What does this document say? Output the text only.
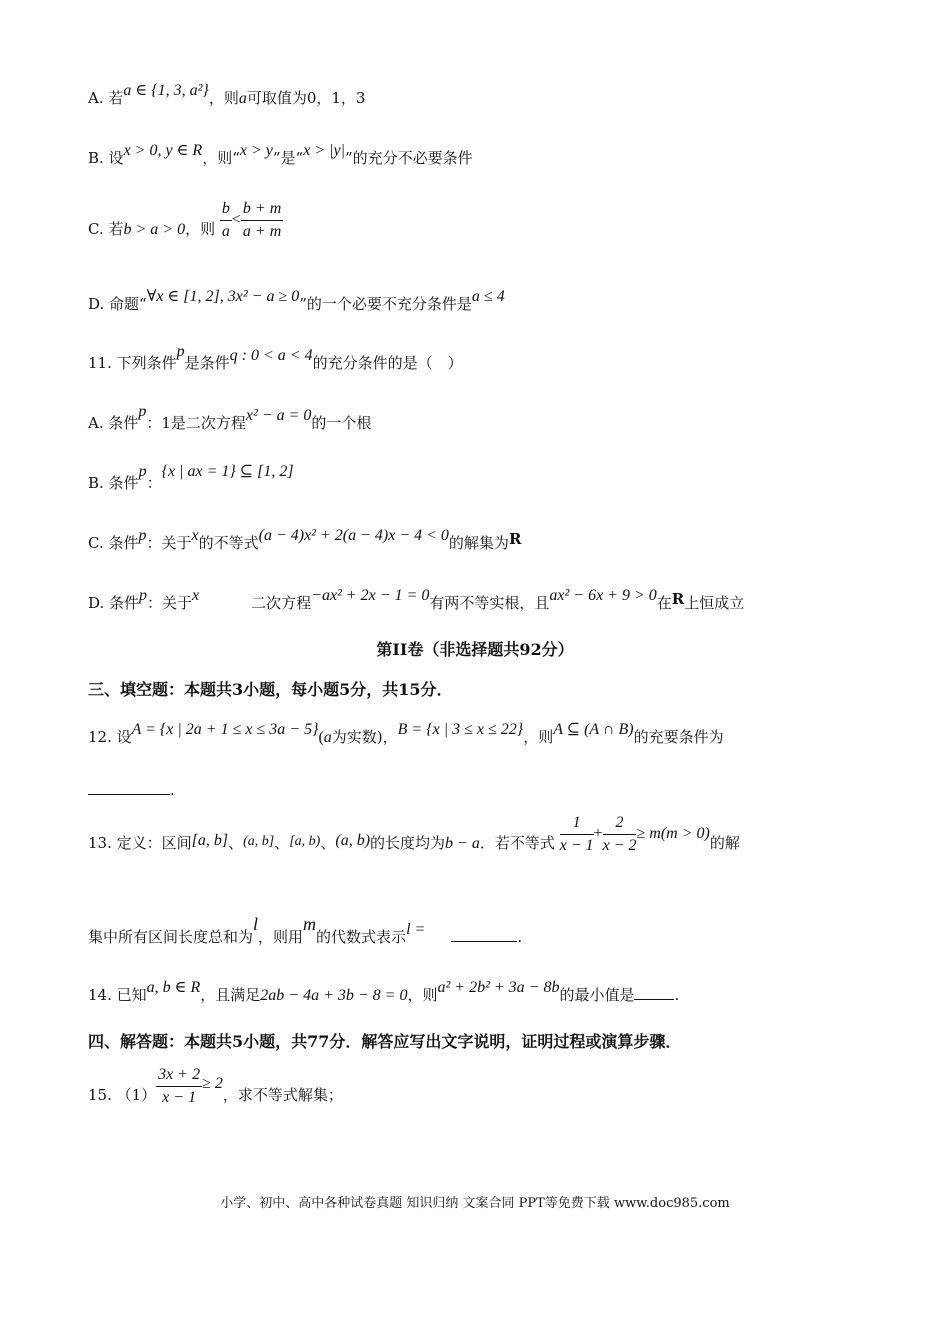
A. 若a ∈ {1, 3, a²}，则a可取值为0，1，3
B. 设x > 0, y ∈ R，则“x > y”是“x > |y|”的充分不必要条件
C. 若b > a > 0，则 $\frac{b}{a} < \frac{b + m}{a + m}$
D. 命题“∀x ∈ [1, 2], 3x² − a ≥ 0”的一个必要不充分条件是a ≤ 4
11. 下列条件p是条件q : 0 < a < 4的充分条件的是（　）
A. 条件p：1是二次方程x² − a = 0的一个根
B. 条件p：{x | ax = 1} ⊆ [1, 2]
C. 条件p：关于x的不等式(a − 4)x² + 2(a − 4)x − 4 < 0的解集为R
D. 条件p：关于x	二次方程−ax² + 2x − 1 = 0有两不等实根，且ax² − 6x + 9 > 0在R上恒成立
第II卷（非选择题共92分）
三、填空题：本题共3小题，每小题5分，共15分．
12. 设A = {x | 2a + 1 ≤ x ≤ 3a − 5}(a为实数)，B = {x | 3 ≤ x ≤ 22}，则A ⊆ (A ∩ B)的充要条件为
.
13. 定义：区间[a, b]、(a, b]、[a, b)、(a, b)的长度均为b − a．若不等式 $\frac{1}{x - 1} + \frac{2}{x - 2} \ge m(m > 0)$的解
集中所有区间长度总和为l，则用m的代数式表示l =	.
14. 已知a, b ∈ R，且满足2ab − 4a + 3b − 8 = 0，则a² + 2b² + 3a − 8b的最小值是	.
四、解答题：本题共5小题，共77分．解答应写出文字说明，证明过程或演算步骤．
15. $(1) \frac{3x + 2}{x - 1} \ge 2$，求不等式解集；
小学、初中、高中各种试卷真题 知识归纳 文案合同 PPT等免费下载 www.doc985.com
